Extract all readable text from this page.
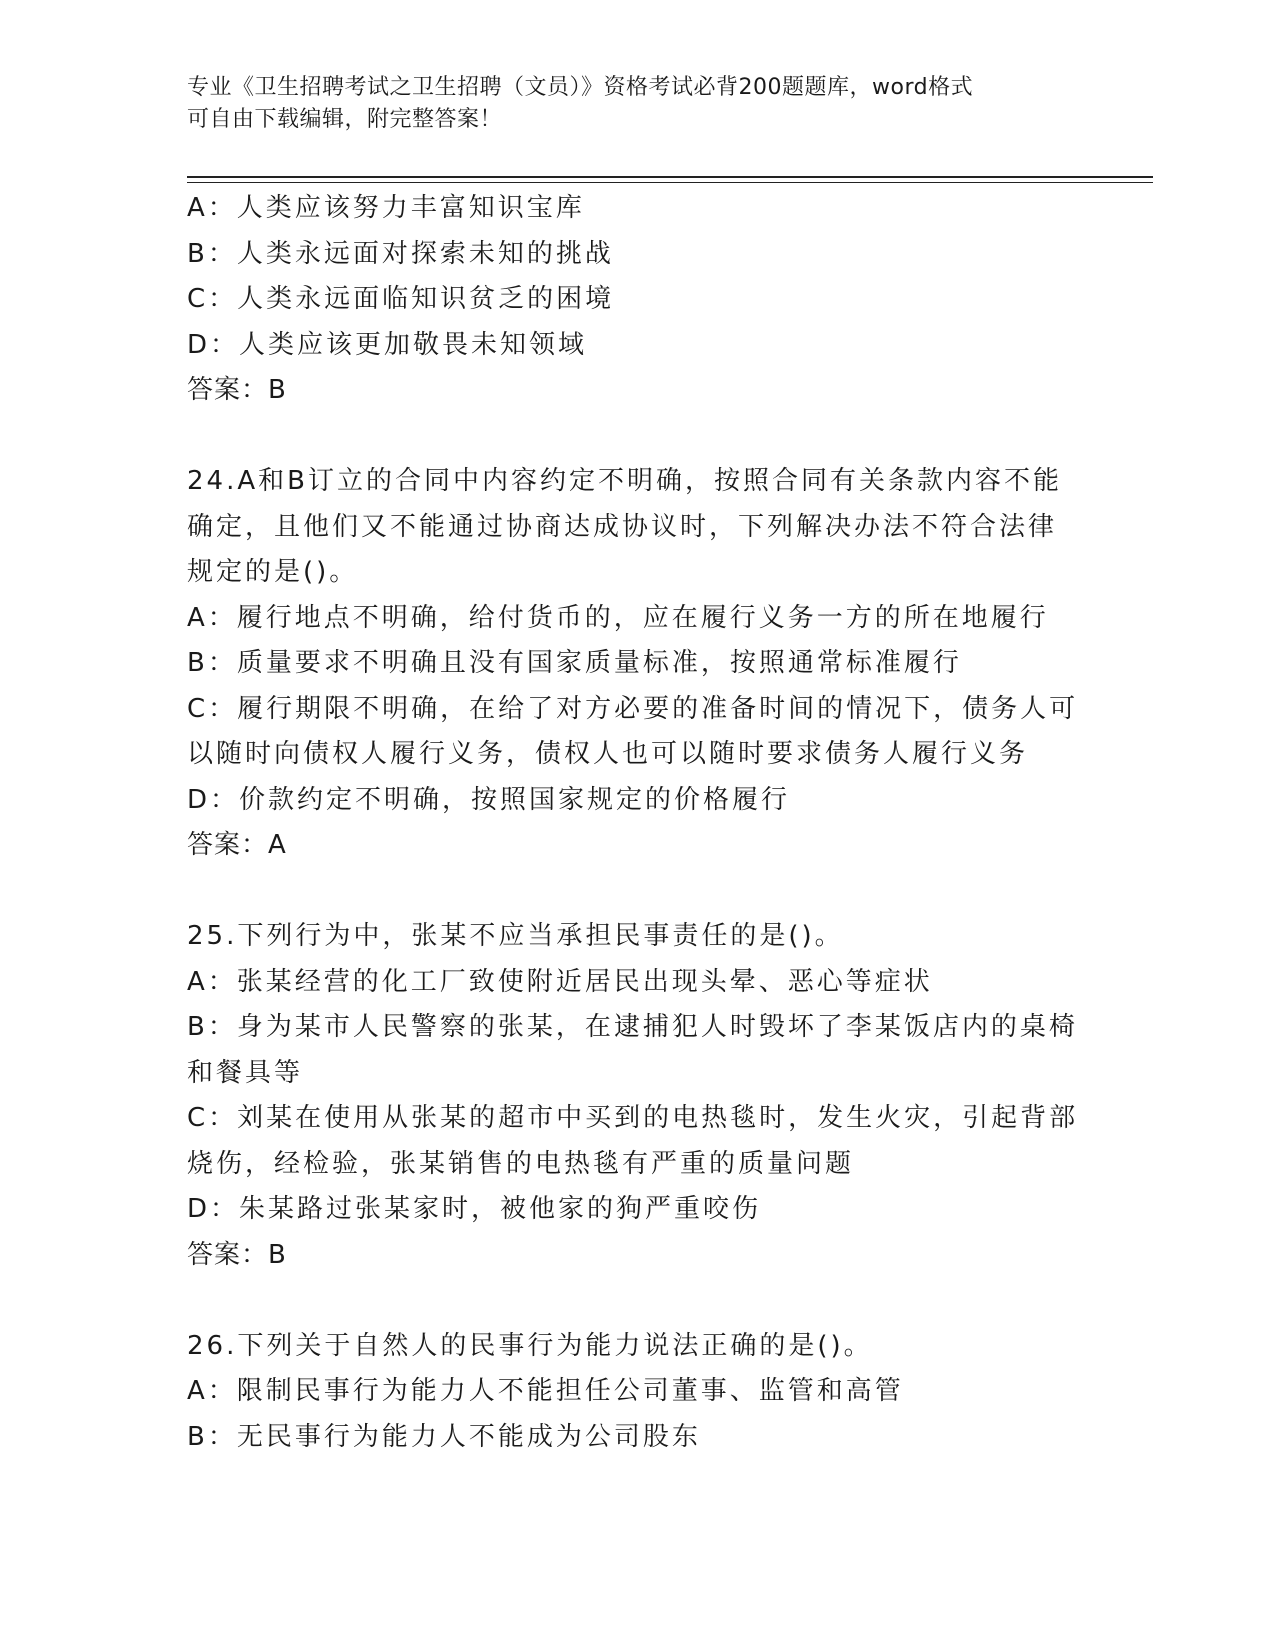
专业《卫生招聘考试之卫生招聘（文员）》资格考试必背200题题库，word格式
可自由下载编辑，附完整答案！
A：人类应该努力丰富知识宝库
B：人类永远面对探索未知的挑战
C：人类永远面临知识贫乏的困境
D：人类应该更加敬畏未知领域
答案：B
24.A和B订立的合同中内容约定不明确，按照合同有关条款内容不能
确定，且他们又不能通过协商达成协议时，下列解决办法不符合法律
规定的是()。
A：履行地点不明确，给付货币的，应在履行义务一方的所在地履行
B：质量要求不明确且没有国家质量标准，按照通常标准履行
C：履行期限不明确，在给了对方必要的准备时间的情况下，债务人可
以随时向债权人履行义务，债权人也可以随时要求债务人履行义务
D：价款约定不明确，按照国家规定的价格履行
答案：A
25.下列行为中，张某不应当承担民事责任的是()。
A：张某经营的化工厂致使附近居民出现头晕、恶心等症状
B：身为某市人民警察的张某，在逮捕犯人时毁坏了李某饭店内的桌椅
和餐具等
C：刘某在使用从张某的超市中买到的电热毯时，发生火灾，引起背部
烧伤，经检验，张某销售的电热毯有严重的质量问题
D：朱某路过张某家时，被他家的狗严重咬伤
答案：B
26.下列关于自然人的民事行为能力说法正确的是()。
A：限制民事行为能力人不能担任公司董事、监管和高管
B：无民事行为能力人不能成为公司股东
